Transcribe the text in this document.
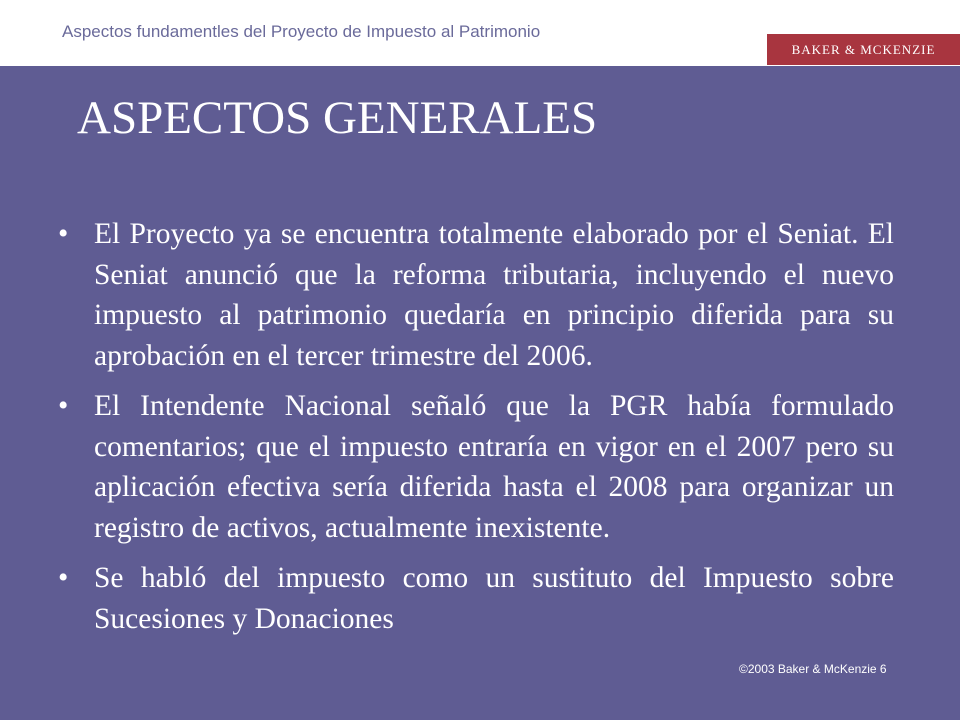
Aspectos fundamentles del Proyecto de Impuesto al Patrimonio
BAKER & MCKENZIE
ASPECTOS GENERALES
• El Proyecto ya se encuentra totalmente elaborado por el Seniat. El Seniat anunció que la reforma tributaria, incluyendo el nuevo impuesto al patrimonio quedaría en principio diferida para su aprobación en el tercer trimestre del 2006.
• El Intendente Nacional señaló que la PGR había formulado comentarios; que el impuesto entraría en vigor en el 2007 pero su aplicación efectiva sería diferida hasta el 2008 para organizar un registro de activos, actualmente inexistente.
• Se habló del impuesto como un sustituto del Impuesto sobre Sucesiones y Donaciones
©2003 Baker & McKenzie 6
